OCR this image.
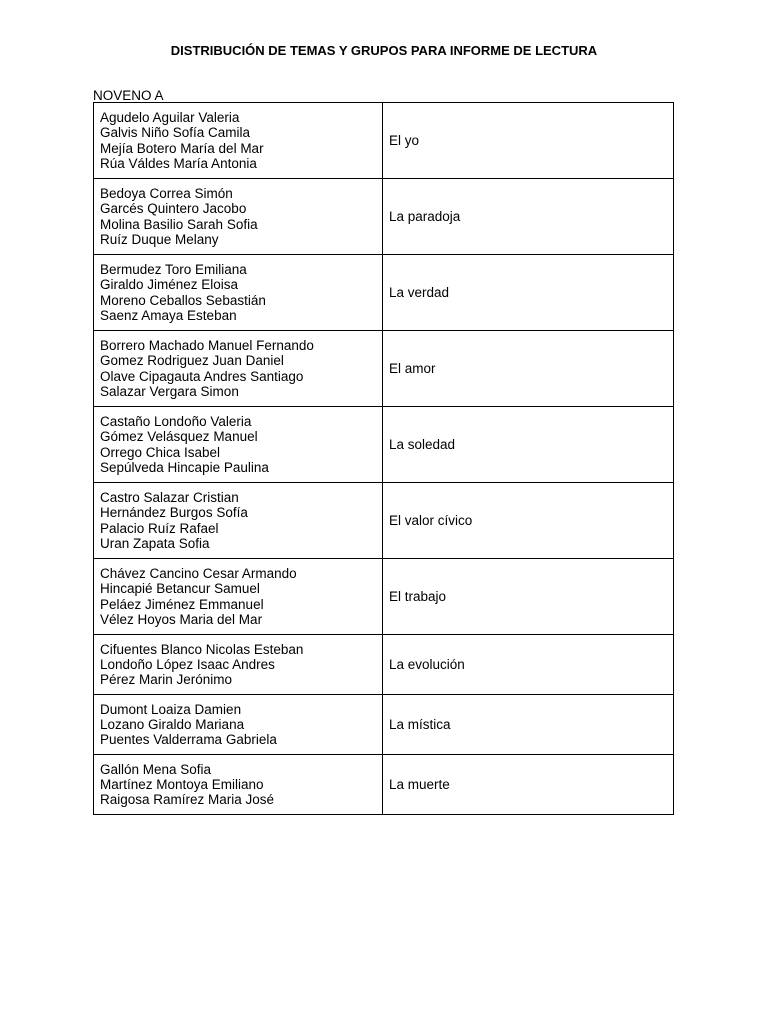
DISTRIBUCIÓN DE TEMAS Y GRUPOS PARA INFORME DE LECTURA
NOVENO A
Agudelo Aguilar Valeria
Galvis Niño Sofía Camila
Mejía Botero María del Mar
Rúa Váldes María Antonia	El yo

Bedoya Correa Simón
Garcés Quintero Jacobo
Molina Basilio Sarah Sofia
Ruíz Duque Melany	La paradoja

Bermudez Toro Emiliana
Giraldo Jiménez Eloisa
Moreno Ceballos Sebastián
Saenz Amaya Esteban	La verdad

Borrero Machado Manuel Fernando
Gomez Rodriguez Juan Daniel
Olave Cipagauta Andres Santiago
Salazar Vergara Simon	El amor

Castaño Londoño Valeria
Gómez Velásquez Manuel
Orrego Chica Isabel
Sepúlveda Hincapie Paulina	La soledad

Castro Salazar Cristian
Hernández Burgos Sofía
Palacio Ruíz Rafael
Uran Zapata Sofia	El valor cívico

Chávez Cancino Cesar Armando
Hincapié Betancur Samuel
Peláez Jiménez Emmanuel
Vélez Hoyos Maria del Mar	El trabajo

Cifuentes Blanco Nicolas Esteban
Londoño López Isaac Andres
Pérez Marin Jerónimo	La evolución

Dumont Loaiza Damien
Lozano Giraldo Mariana
Puentes Valderrama Gabriela	La mística

Gallón Mena Sofia
Martínez Montoya Emiliano
Raigosa Ramírez Maria José	La muerte
